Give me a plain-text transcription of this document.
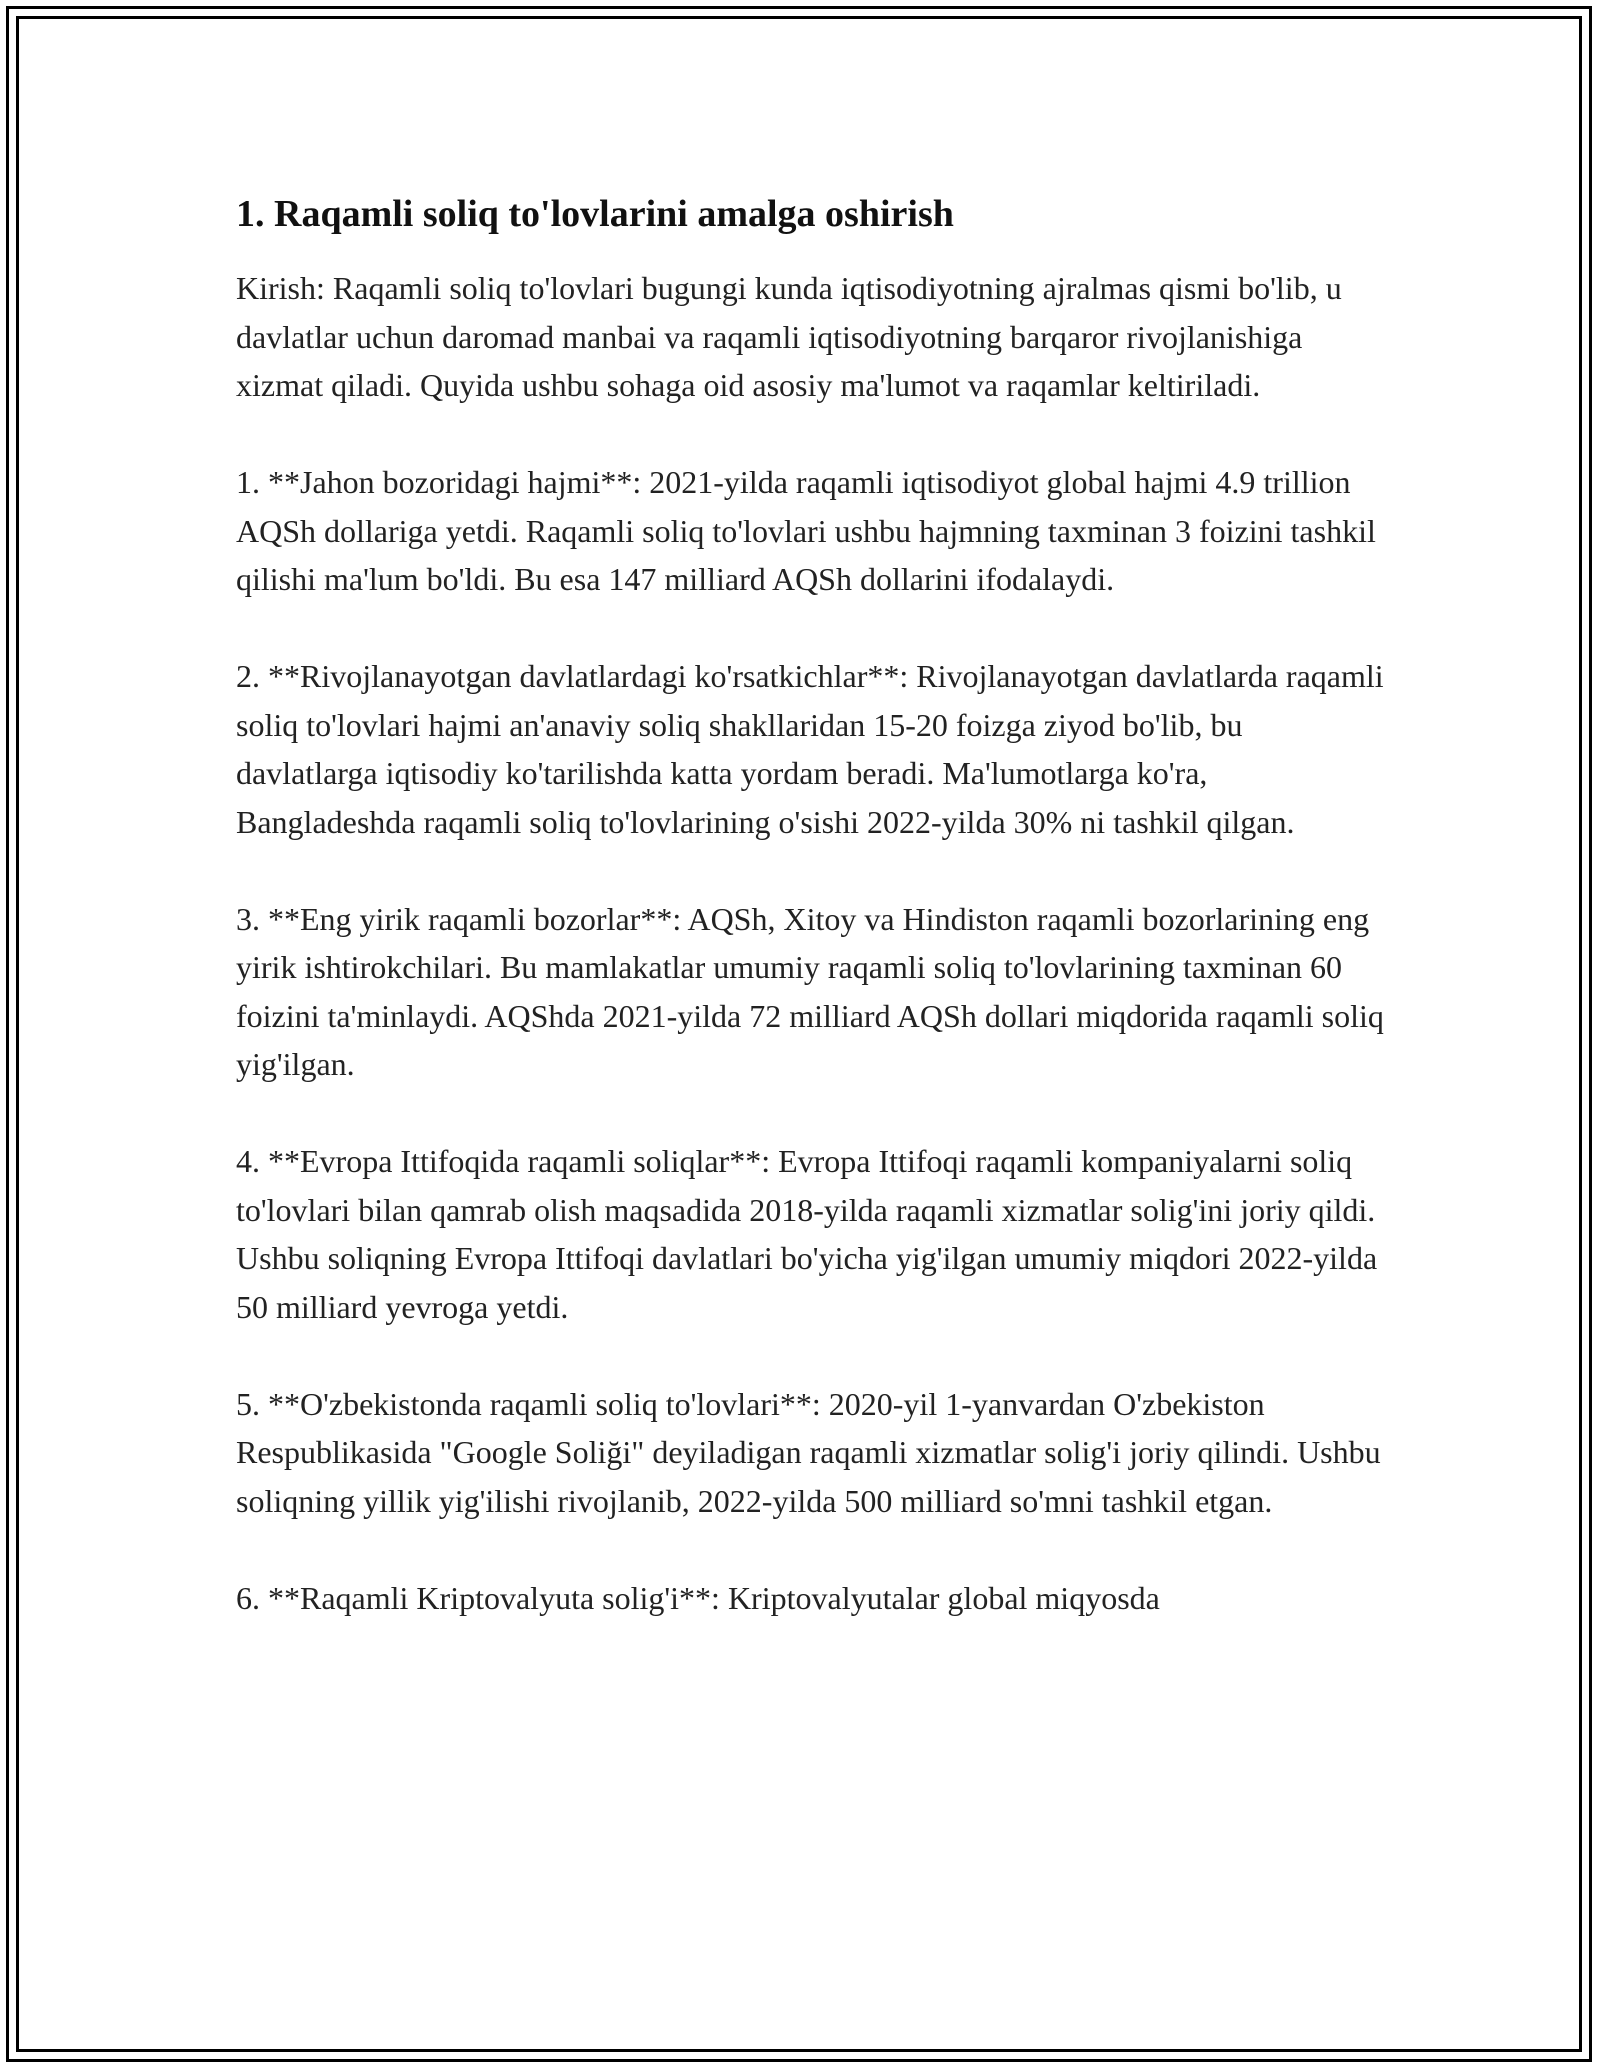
1. Raqamli soliq to'lovlarini amalga oshirish

Kirish: Raqamli soliq to'lovlari bugungi kunda iqtisodiyotning ajralmas qismi bo'lib, u davlatlar uchun daromad manbai va raqamli iqtisodiyotning barqaror rivojlanishiga xizmat qiladi. Quyida ushbu sohaga oid asosiy ma'lumot va raqamlar keltiriladi.

1. **Jahon bozoridagi hajmi**: 2021-yilda raqamli iqtisodiyot global hajmi 4.9 trillion AQSh dollariga yetdi. Raqamli soliq to'lovlari ushbu hajmning taxminan 3 foizini tashkil qilishi ma'lum bo'ldi. Bu esa 147 milliard AQSh dollarini ifodalaydi.

2. **Rivojlanayotgan davlatlardagi ko'rsatkichlar**: Rivojlanayotgan davlatlarda raqamli soliq to'lovlari hajmi an'anaviy soliq shakllaridan 15-20 foizga ziyod bo'lib, bu davlatlarga iqtisodiy ko'tarilishda katta yordam beradi. Ma'lumotlarga ko'ra, Bangladeshda raqamli soliq to'lovlarining o'sishi 2022-yilda 30% ni tashkil qilgan.

3. **Eng yirik raqamli bozorlar**: AQSh, Xitoy va Hindiston raqamli bozorlarining eng yirik ishtirokchilari. Bu mamlakatlar umumiy raqamli soliq to'lovlarining taxminan 60 foizini ta'minlaydi. AQShda 2021-yilda 72 milliard AQSh dollari miqdorida raqamli soliq yig'ilgan.

4. **Evropa Ittifoqida raqamli soliqlar**: Evropa Ittifoqi raqamli kompaniyalarni soliq to'lovlari bilan qamrab olish maqsadida 2018-yilda raqamli xizmatlar solig'ini joriy qildi. Ushbu soliqning Evropa Ittifoqi davlatlari bo'yicha yig'ilgan umumiy miqdori 2022-yilda 50 milliard yevroga yetdi.

5. **O'zbekistonda raqamli soliq to'lovlari**: 2020-yil 1-yanvardan O'zbekiston Respublikasida "Google Soliği" deyiladigan raqamli xizmatlar solig'i joriy qilindi. Ushbu soliqning yillik yig'ilishi rivojlanib, 2022-yilda 500 milliard so'mni tashkil etgan.

6. **Raqamli Kriptovalyuta solig'i**: Kriptovalyutalar global miqyosda
